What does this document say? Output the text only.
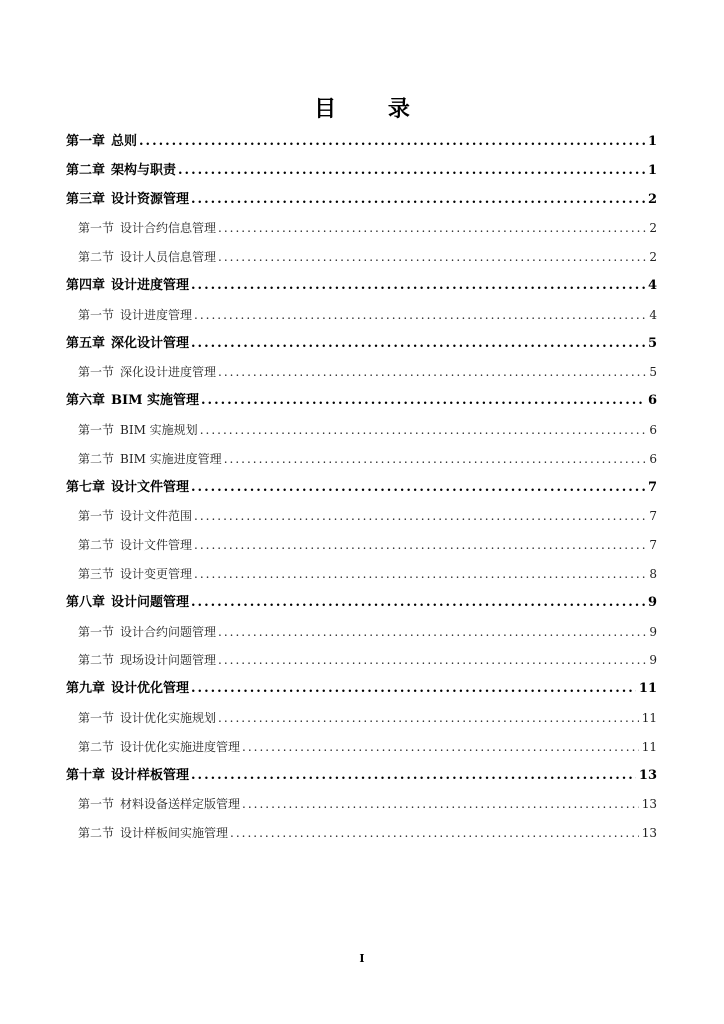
目 录
第一章 总则 .....	1
第二章 架构与职责 .....	1
第三章 设计资源管理 .....	2
第一节 设计合约信息管理 .....	2
第二节 设计人员信息管理 .....	2
第四章 设计进度管理 .....	4
第一节 设计进度管理 .....	4
第五章 深化设计管理 .....	5
第一节 深化设计进度管理 .....	5
第六章 BIM 实施管理 .....	6
第一节 BIM 实施规划 .....	6
第二节 BIM 实施进度管理 .....	6
第七章 设计文件管理 .....	7
第一节 设计文件范围 .....	7
第二节 设计文件管理 .....	7
第三节 设计变更管理 .....	8
第八章 设计问题管理 .....	9
第一节 设计合约问题管理 .....	9
第二节 现场设计问题管理 .....	9
第九章 设计优化管理 .....	11
第一节 设计优化实施规划 .....	11
第二节 设计优化实施进度管理 .....	11
第十章 设计样板管理 .....	13
第一节 材料设备送样定版管理 .....	13
第二节 设计样板间实施管理 .....	13
I
